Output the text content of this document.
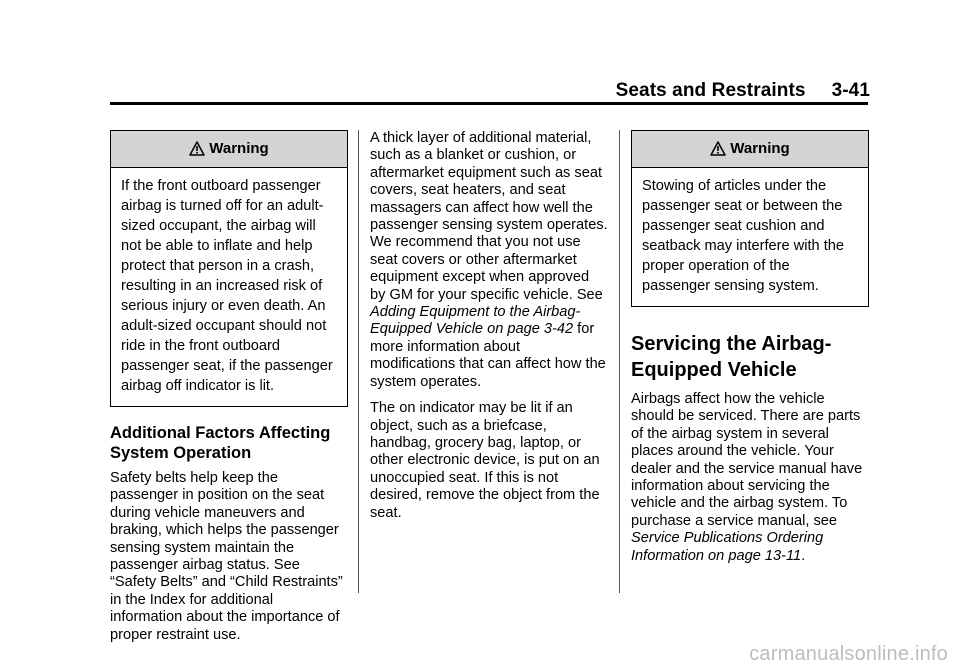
Seats and Restraints 3-41
Warning
If the front outboard passenger airbag is turned off for an adult-sized occupant, the airbag will not be able to inflate and help protect that person in a crash, resulting in an increased risk of serious injury or even death. An adult-sized occupant should not ride in the front outboard passenger seat, if the passenger airbag off indicator is lit.
Additional Factors Affecting System Operation

Safety belts help keep the passenger in position on the seat during vehicle maneuvers and braking, which helps the passenger sensing system maintain the passenger airbag status. See “Safety Belts” and “Child Restraints” in the Index for additional information about the importance of proper restraint use.

A thick layer of additional material, such as a blanket or cushion, or aftermarket equipment such as seat covers, seat heaters, and seat massagers can affect how well the passenger sensing system operates. We recommend that you not use seat covers or other aftermarket equipment except when approved by GM for your specific vehicle. See Adding Equipment to the Airbag-Equipped Vehicle on page 3-42 for more information about modifications that can affect how the system operates.

The on indicator may be lit if an object, such as a briefcase, handbag, grocery bag, laptop, or other electronic device, is put on an unoccupied seat. If this is not desired, remove the object from the seat.

Warning
Stowing of articles under the passenger seat or between the passenger seat cushion and seatback may interfere with the proper operation of the passenger sensing system.
Servicing the Airbag-Equipped Vehicle

Airbags affect how the vehicle should be serviced. There are parts of the airbag system in several places around the vehicle. Your dealer and the service manual have information about servicing the vehicle and the airbag system. To purchase a service manual, see Service Publications Ordering Information on page 13-11.

carmanualsonline.info
